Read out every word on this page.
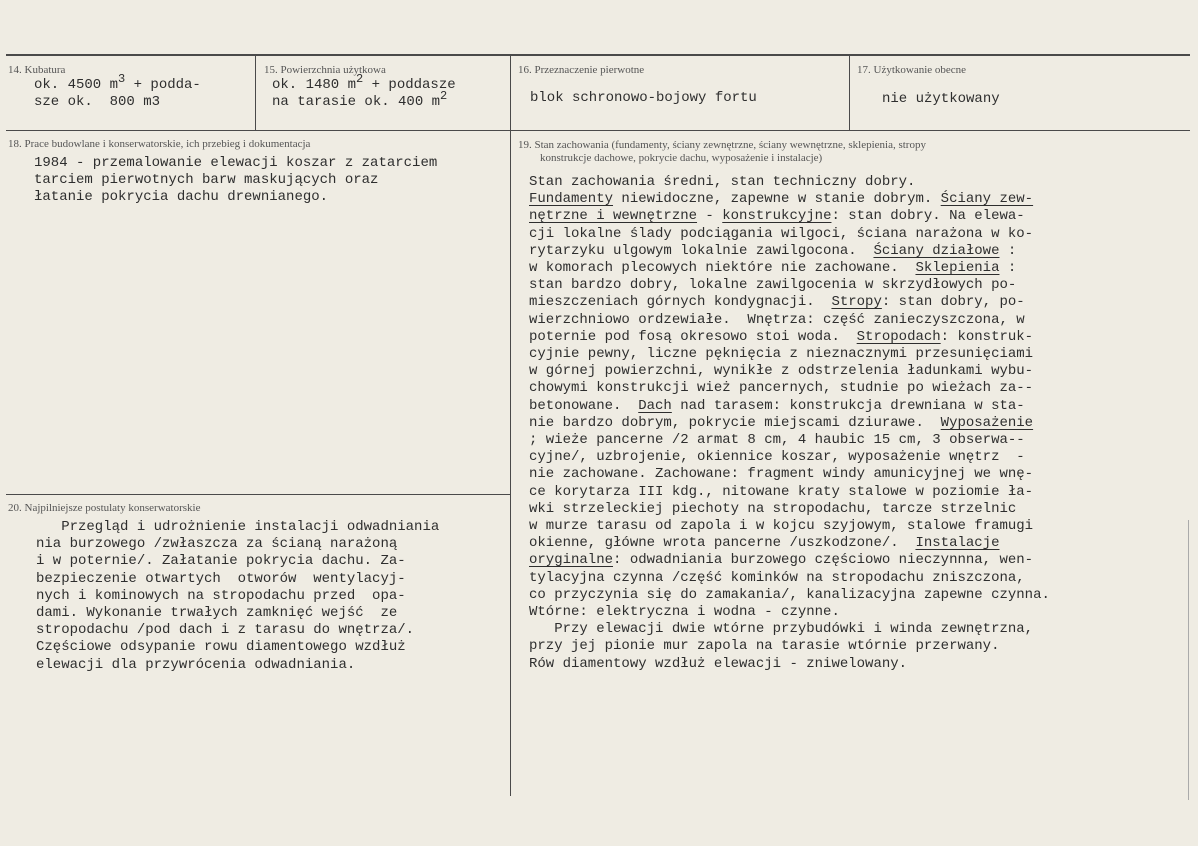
14. Kubatura
ok. 4500 m3 + podda-
sze ok.  800 m3
15. Powierzchnia użytkowa
ok. 1480 m2 + poddasze
na tarasie ok. 400 m2
16. Przeznaczenie pierwotne
blok schronowo-bojowy fortu
17. Użytkowanie obecne
nie użytkowany
18. Prace budowlane i konserwatorskie, ich przebieg i dokumentacja
1984 - przemalowanie elewacji koszar z zatarciem
tarciem pierwotnych barw maskujących oraz
łatanie pokrycia dachu drewnianego.
19. Stan zachowania (fundamenty, ściany zewnętrzne, ściany wewnętrzne, sklepienia, stropy
konstrukcje dachowe, pokrycie dachu, wyposażenie i instalacje)
Stan zachowania średni, stan techniczny dobry.
Fundamenty niewidoczne, zapewne w stanie dobrym. Ściany zew-
nętrzne i wewnętrzne - konstrukcyjne: stan dobry. Na elewa-
cji lokalne ślady podciągania wilgoci, ściana narażona w ko-
rytarzyku ulgowym lokalnie zawilgocona.  Ściany działowe :
w komorach plecowych niektóre nie zachowane.  Sklepienia :
stan bardzo dobry, lokalne zawilgocenia w skrzydłowych po-
mieszczeniach górnych kondygnacji.  Stropy: stan dobry, po-
wierzchniowo ordzewiałe.  Wnętrza: część zanieczyszczona, w
poternie pod fosą okresowo stoi woda.  Stropodach: konstruk-
cyjnie pewny, liczne pęknięcia z nieznacznymi przesunięciami
w górnej powierzchni, wynikłe z odstrzelenia ładunkami wybu-
chowymi konstrukcji wież pancernych, studnie po wieżach za--
betonowane.  Dach nad tarasem: konstrukcja drewniana w sta-
nie bardzo dobrym, pokrycie miejscami dziurawe.  Wyposażenie
; wieże pancerne /2 armat 8 cm, 4 haubic 15 cm, 3 obserwa--
cyjne/, uzbrojenie, okiennice koszar, wyposażenie wnętrz  -
nie zachowane. Zachowane: fragment windy amunicyjnej we wnę-
ce korytarza III kdg., nitowane kraty stalowe w poziomie ła-
wki strzeleckiej piechoty na stropodachu, tarcze strzelnic
w murze tarasu od zapola i w kojcu szyjowym, stalowe framugi
okienne, główne wrota pancerne /uszkodzone/.  Instalacje
oryginalne: odwadniania burzowego częściowo nieczynnna, wen-
tylacyjna czynna /część kominków na stropodachu zniszczona,
co przyczynia się do zamakania/, kanalizacyjna zapewne czynna.
Wtórne: elektryczna i wodna - czynne.
Przy elewacji dwie wtórne przybudówki i winda zewnętrzna,
przy jej pionie mur zapola na tarasie wtórnie przerwany.
Rów diamentowy wzdłuż elewacji - zniwelowany.
20. Najpilniejsze postulaty konserwatorskie
Przegląd i udrożnienie instalacji odwadniania
nia burzowego /zwłaszcza za ścianą narażoną
i w poternie/. Załatanie pokrycia dachu. Za-
bezpieczenie otwartych  otworów  wentylacyj-
nych i kominowych na stropodachu przed  opa-
dami. Wykonanie trwałych zamknięć wejść  ze
stropodachu /pod dach i z tarasu do wnętrza/.
Częściowe odsypanie rowu diamentowego wzdłuż
elewacji dla przywrócenia odwadniania.
